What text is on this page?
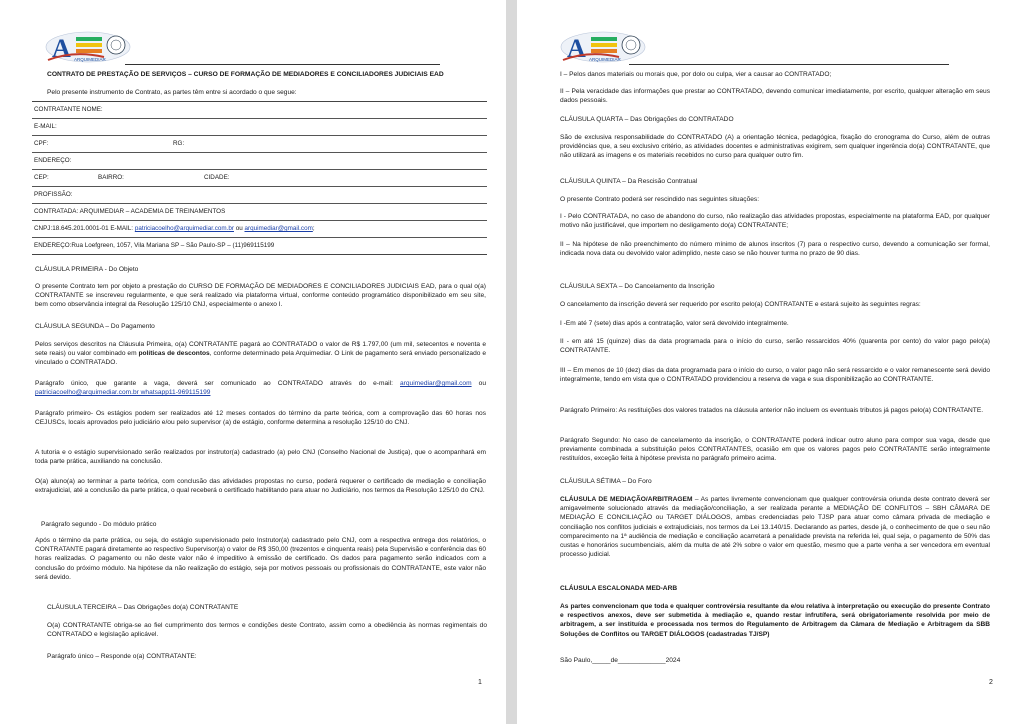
A ARQUIMEDIAR
CONTRATO DE PRESTAÇÃO DE SERVIÇOS – CURSO DE FORMAÇÃO DE MEDIADORES E CONCILIADORES JUDICIAIS EAD
Pelo presente instrumento de Contrato, as partes têm entre si acordado o que segue:
CONTRATANTE NOME:
E-MAIL:
CPF:	RG:
ENDEREÇO:
CEP:	BAIRRO:	CIDADE:
PROFISSÃO:
CONTRATADA: ARQUIMEDIAR – ACADEMIA DE TREINAMENTOS
CNPJ:18.645.201.0001-01 E-MAIL: patriciacoelho@arquimediar.com.br ou arquimediar@gmail.com;
ENDEREÇO:Rua Loefgreen, 1057, Vila Mariana SP – São Paulo-SP – (11)969115199
CLÁUSULA PRIMEIRA - Do Objeto
O presente Contrato tem por objeto a prestação do CURSO DE FORMAÇÃO DE MEDIADORES E CONCILIADORES JUDICIAIS EAD, para o qual o(a) CONTRATANTE se inscreveu regularmente, e que será realizado via plataforma virtual, conforme conteúdo programático disponibilizado em seu site, bem como observância integral da Resolução 125/10 CNJ, especialmente o anexo I.
CLÁUSULA SEGUNDA – Do Pagamento
Pelos serviços descritos na Cláusula Primeira, o(a) CONTRATANTE pagará ao CONTRATADO o valor de R$ 1.797,00 (um mil, setecentos e noventa e sete reais) ou valor combinado em políticas de descontos, conforme determinado pela Arquimediar. O Link de pagamento será enviado personalizado e vinculado o CONTRATADO.
Parágrafo único, que garante a vaga, deverá ser comunicado ao CONTRATADO através do e-mail: arquimediar@gmail.com ou patriciacoelho@arquimediar.com.br whatsapp11-969115199
Parágrafo primeiro- Os estágios podem ser realizados até 12 meses contados do término da parte teórica, com a comprovação das 60 horas nos CEJUSCs, locais aprovados pelo judiciário e/ou pelo supervisor (a) de estágio, conforme determina a resolução 125/10 do CNJ.
A tutoria e o estágio supervisionado serão realizados por instrutor(a) cadastrado (a) pelo CNJ (Conselho Nacional de Justiça), que o acompanhará em toda parte prática, auxiliando na conclusão.
O(a) aluno(a) ao terminar a parte teórica, com conclusão das atividades propostas no curso, poderá requerer o certificado de mediação e conciliação extrajudicial, até a conclusão da parte prática, o qual receberá o certificado habilitando para atuar no Judiciário, nos termos da Resolução 125/10 do CNJ.
Parágrafo segundo - Do módulo prático
Após o término da parte prática, ou seja, do estágio supervisionado pelo Instrutor(a) cadastrado pelo CNJ, com a respectiva entrega dos relatórios, o CONTRATANTE pagará diretamente ao respectivo Supervisor(a) o valor de R$ 350,00 (trezentos e cinquenta reais) pela Supervisão e conferência das 60 horas realizadas. O pagamento ou não deste valor não é impeditivo à emissão de certificado. Os dados para pagamento serão indicados com a conclusão do próximo módulo. Na hipótese da não realização do estágio, seja por motivos pessoais ou profissionais do CONTRATANTE, este valor não será devido.
CLÁUSULA TERCEIRA – Das Obrigações do(a) CONTRATANTE
O(a) CONTRATANTE obriga-se ao fiel cumprimento dos termos e condições deste Contrato, assim como a obediência às normas regimentais do CONTRATADO e legislação aplicável.
Parágrafo único – Responde o(a) CONTRATANTE:
1
A ARQUIMEDIAR
I – Pelos danos materiais ou morais que, por dolo ou culpa, vier a causar ao CONTRATADO;
II – Pela veracidade das informações que prestar ao CONTRATADO, devendo comunicar imediatamente, por escrito, qualquer alteração em seus dados pessoais.
CLÁUSULA QUARTA – Das Obrigações do CONTRATADO
São de exclusiva responsabilidade do CONTRATADO (A) a orientação técnica, pedagógica, fixação do cronograma do Curso, além de outras providências que, a seu exclusivo critério, as atividades docentes e administrativas exigirem, sem qualquer ingerência do(a) CONTRATANTE, que não utilizará as imagens e os materiais recebidos no curso para qualquer outro fim.
CLÁUSULA QUINTA – Da Rescisão Contratual
O presente Contrato poderá ser rescindido nas seguintes situações:
I - Pelo CONTRATADA, no caso de abandono do curso, não realização das atividades propostas, especialmente na plataforma EAD, por qualquer motivo não justificável, que importem no desligamento do(a) CONTRATANTE;
II – Na hipótese de não preenchimento do número mínimo de alunos inscritos (7) para o respectivo curso, devendo a comunicação ser formal, indicada nova data ou devolvido valor adimplido, neste caso se não houver turma no prazo de 90 dias.
CLÁUSULA SEXTA – Do Cancelamento da Inscrição
O cancelamento da inscrição deverá ser requerido por escrito pelo(a) CONTRATANTE e estará sujeito às seguintes regras:
I -Em até 7 (sete) dias após a contratação, valor será devolvido integralmente.
II - em até 15 (quinze) dias da data programada para o início do curso, serão ressarcidos 40% (quarenta por cento) do valor pago pelo(a) CONTRATANTE.
III – Em menos de 10 (dez) dias da data programada para o início do curso, o valor pago não será ressarcido e o valor remanescente será devido integralmente, tendo em vista que o CONTRATADO providenciou a reserva de vaga e sua disponibilização ao CONTRATANTE.
Parágrafo Primeiro: As restituições dos valores tratados na cláusula anterior não incluem os eventuais tributos já pagos pelo(a) CONTRATANTE.
Parágrafo Segundo: No caso de cancelamento da inscrição, o CONTRATANTE poderá indicar outro aluno para compor sua vaga, desde que previamente combinada a substituição pelos CONTRATANTES, ocasião em que os valores pagos pelo CONTRATANTE serão integralmente restituídos, exceção feita à hipótese prevista no parágrafo primeiro acima.
CLÁUSULA SÉTIMA – Do Foro
CLÁUSULA DE MEDIAÇÃO/ARBITRAGEM – As partes livremente convencionam que qualquer controvérsia oriunda deste contrato deverá ser amigavelmente solucionado através da mediação/conciliação, a ser realizada perante a MEDIAÇÃO DE CONFLITOS – SBH CÂMARA DE MEDIAÇÃO E CONCILIAÇÃO ou TARGET DIÁLOGOS, ambas credenciadas pelo TJSP para atuar como câmara privada de mediação e conciliação nos conflitos judiciais e extrajudiciais, nos termos da Lei 13.140/15. Declarando as partes, desde já, o conhecimento de que o seu não comparecimento na 1ª audiência de mediação e conciliação acarretará a penalidade prevista na referida lei, qual seja, o pagamento de 50% das custas e honorários sucumbenciais, além da multa de até 2% sobre o valor em questão, mesmo que a parte venha a ser vencedora em eventual processo judicial.
CLÁUSULA ESCALONADA MED-ARB
As partes convencionam que toda e qualquer controvérsia resultante da e/ou relativa à interpretação ou execução do presente Contrato e respectivos anexos, deve ser submetida à mediação e, quando restar infrutífera, será obrigatoriamente resolvida por meio de arbitragem, a ser instituída e processada nos termos do Regulamento de Arbitragem da Câmara de Mediação e Arbitragem da SBB Soluções de Conflitos ou TARGET DIÁLOGOS (cadastradas TJ/SP)
São Paulo,_____de_____________2024
2
